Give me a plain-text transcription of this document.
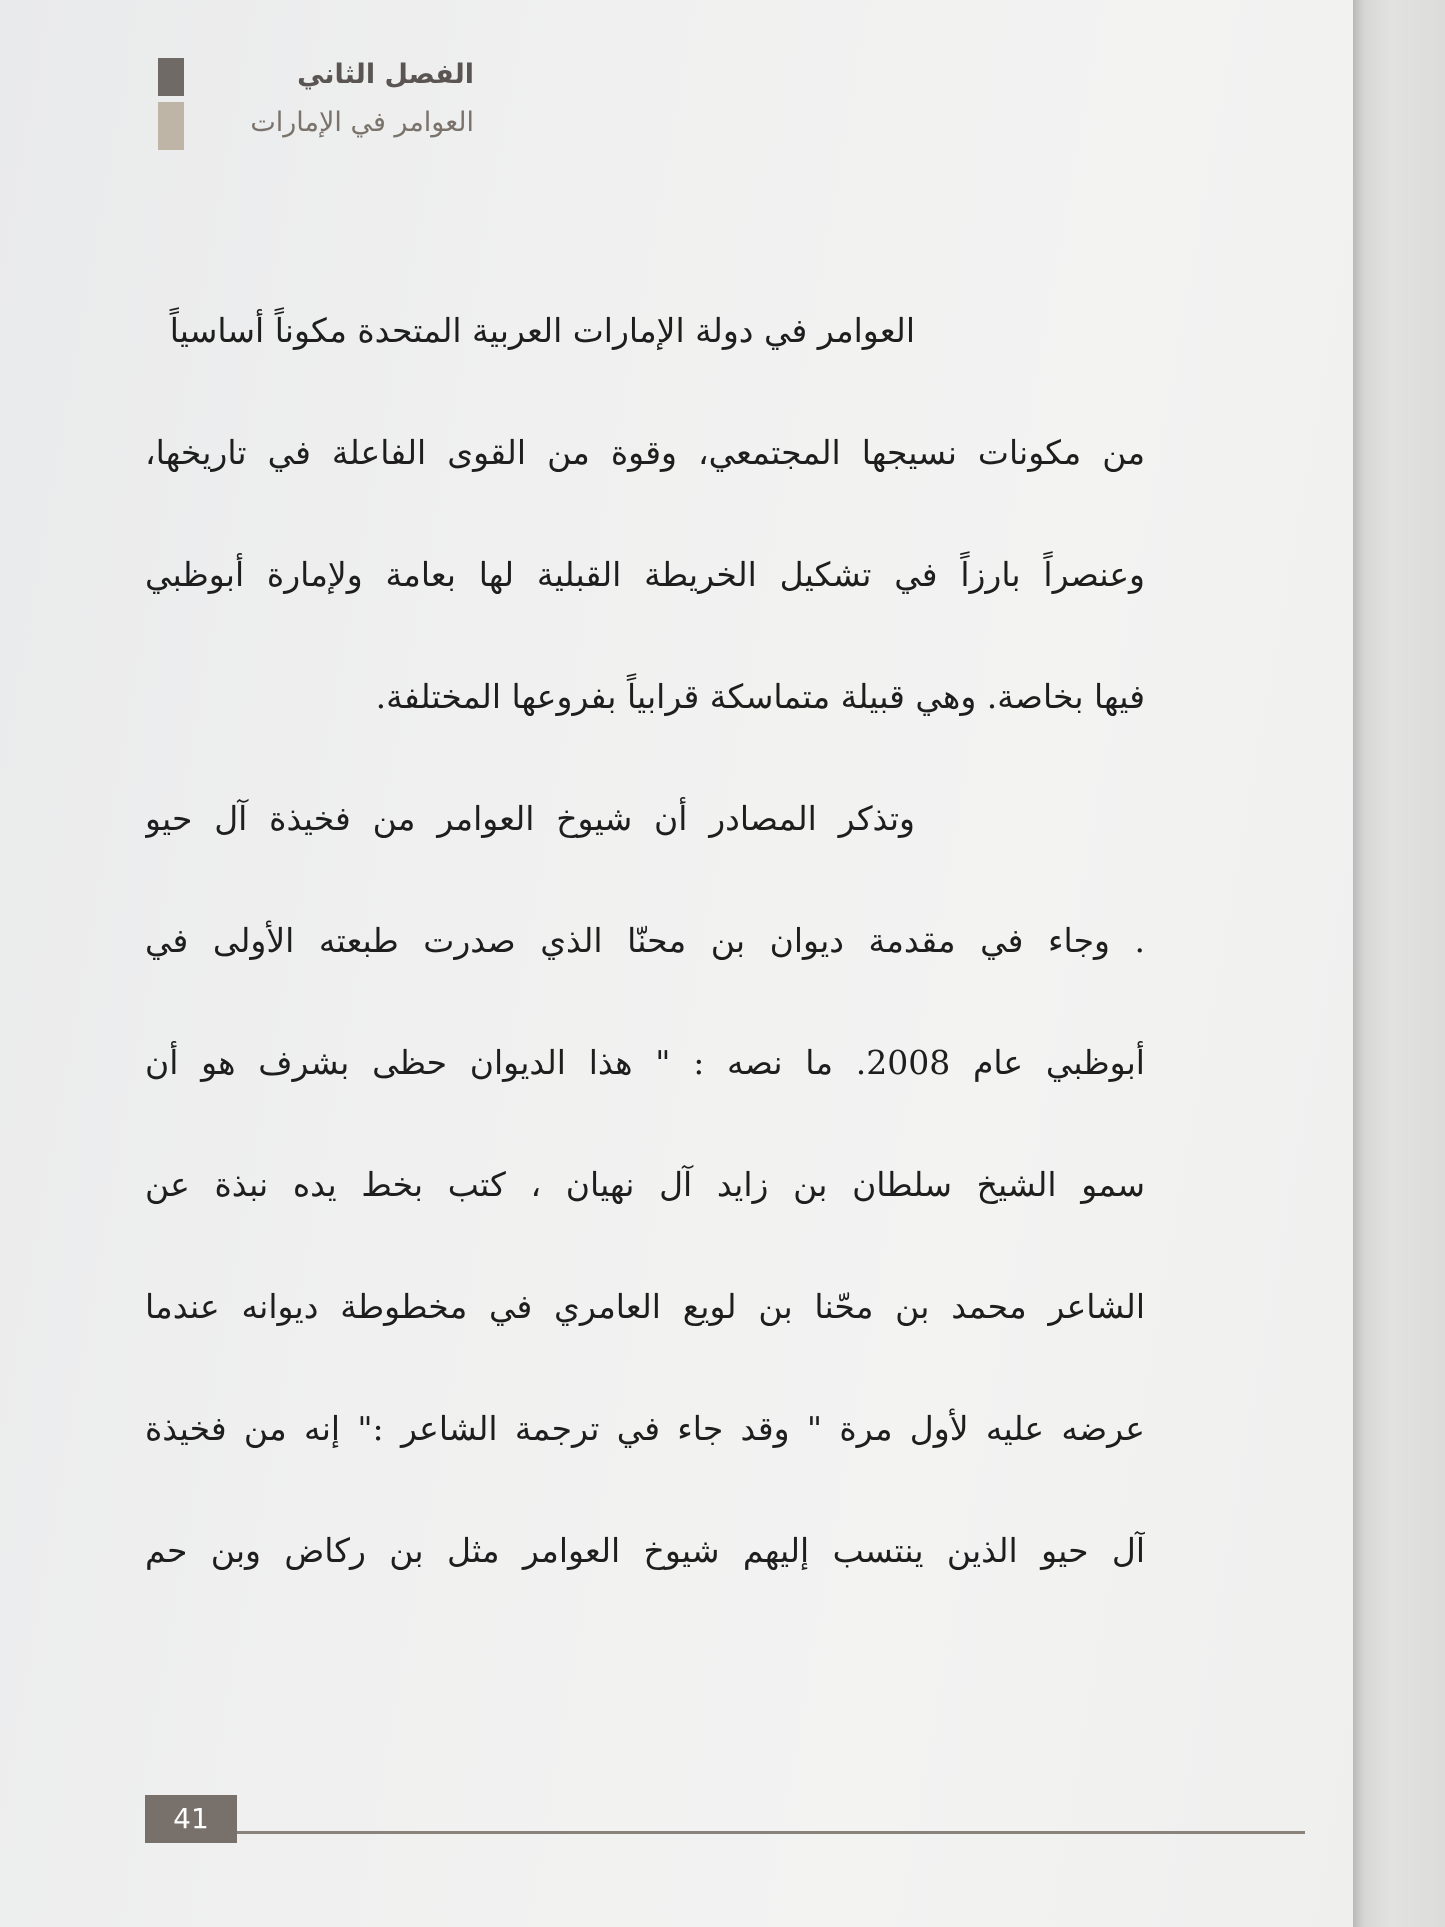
الفصل الثاني
العوامر في الإمارات
العوامر في دولة الإمارات العربية المتحدة مكوناً أساسياً
من مكونات نسيجها المجتمعي، وقوة من القوى الفاعلة في تاريخها،
وعنصراً بارزاً في تشكيل الخريطة القبلية لها بعامة ولإمارة أبوظبي
فيها بخاصة. وهي قبيلة متماسكة قرابياً بفروعها المختلفة.
وتذكر المصادر أن شيوخ العوامر من فخيذة آل حيو
. وجاء في مقدمة ديوان بن محنّا الذي صدرت طبعته الأولى في
أبوظبي عام 2008. ما نصه : " هذا الديوان حظى بشرف هو أن
سمو الشيخ سلطان بن زايد آل نهيان ، كتب بخط يده نبذة عن
الشاعر محمد بن محّنا بن لويع العامري في مخطوطة ديوانه عندما
عرضه عليه لأول مرة " وقد جاء في ترجمة الشاعر :" إنه من فخيذة
آل حيو الذين ينتسب إليهم شيوخ العوامر مثل بن ركاض وبن حم
41
